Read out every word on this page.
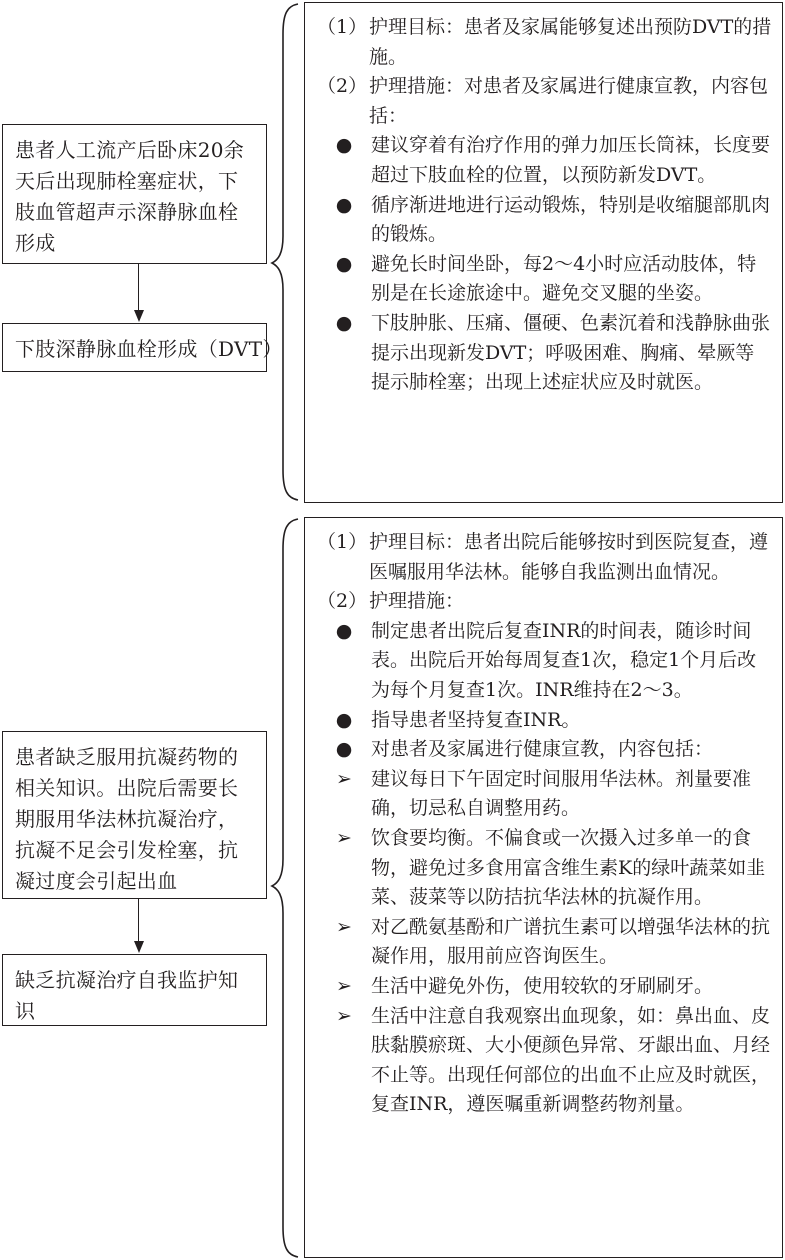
患者人工流产后卧床20余天后出现肺栓塞症状，下肢血管超声示深静脉血栓形成
下肢深静脉血栓形成（DVT）
（1） 护理目标：患者及家属能够复述出预防DVT的措施。
（2） 护理措施：对患者及家属进行健康宣教，内容包括：
● 建议穿着有治疗作用的弹力加压长筒袜，长度要超过下肢血栓的位置，以预防新发DVT。
● 循序渐进地进行运动锻炼，特别是收缩腿部肌肉的锻炼。
● 避免长时间坐卧，每2～4小时应活动肢体，特别是在长途旅途中。避免交叉腿的坐姿。
● 下肢肿胀、压痛、僵硬、色素沉着和浅静脉曲张提示出现新发DVT；呼吸困难、胸痛、晕厥等提示肺栓塞；出现上述症状应及时就医。
患者缺乏服用抗凝药物的相关知识。出院后需要长期服用华法林抗凝治疗，抗凝不足会引发栓塞，抗凝过度会引起出血
缺乏抗凝治疗自我监护知识
（1） 护理目标：患者出院后能够按时到医院复查，遵医嘱服用华法林。能够自我监测出血情况。
（2） 护理措施：
● 制定患者出院后复查INR的时间表，随诊时间表。出院后开始每周复查1次，稳定1个月后改为每个月复查1次。INR维持在2～3。
● 指导患者坚持复查INR。
● 对患者及家属进行健康宣教，内容包括：
➢	建议每日下午固定时间服用华法林。剂量要准确，切忌私自调整用药。
➢	饮食要均衡。不偏食或一次摄入过多单一的食物，避免过多食用富含维生素K的绿叶蔬菜如韭菜、菠菜等以防拮抗华法林的抗凝作用。
➢	对乙酰氨基酚和广谱抗生素可以增强华法林的抗凝作用，服用前应咨询医生。
➢	生活中避免外伤，使用较软的牙刷刷牙。
➢	生活中注意自我观察出血现象，如：鼻出血、皮肤黏膜瘀斑、大小便颜色异常、牙龈出血、月经不止等。出现任何部位的出血不止应及时就医，复查INR，遵医嘱重新调整药物剂量。
